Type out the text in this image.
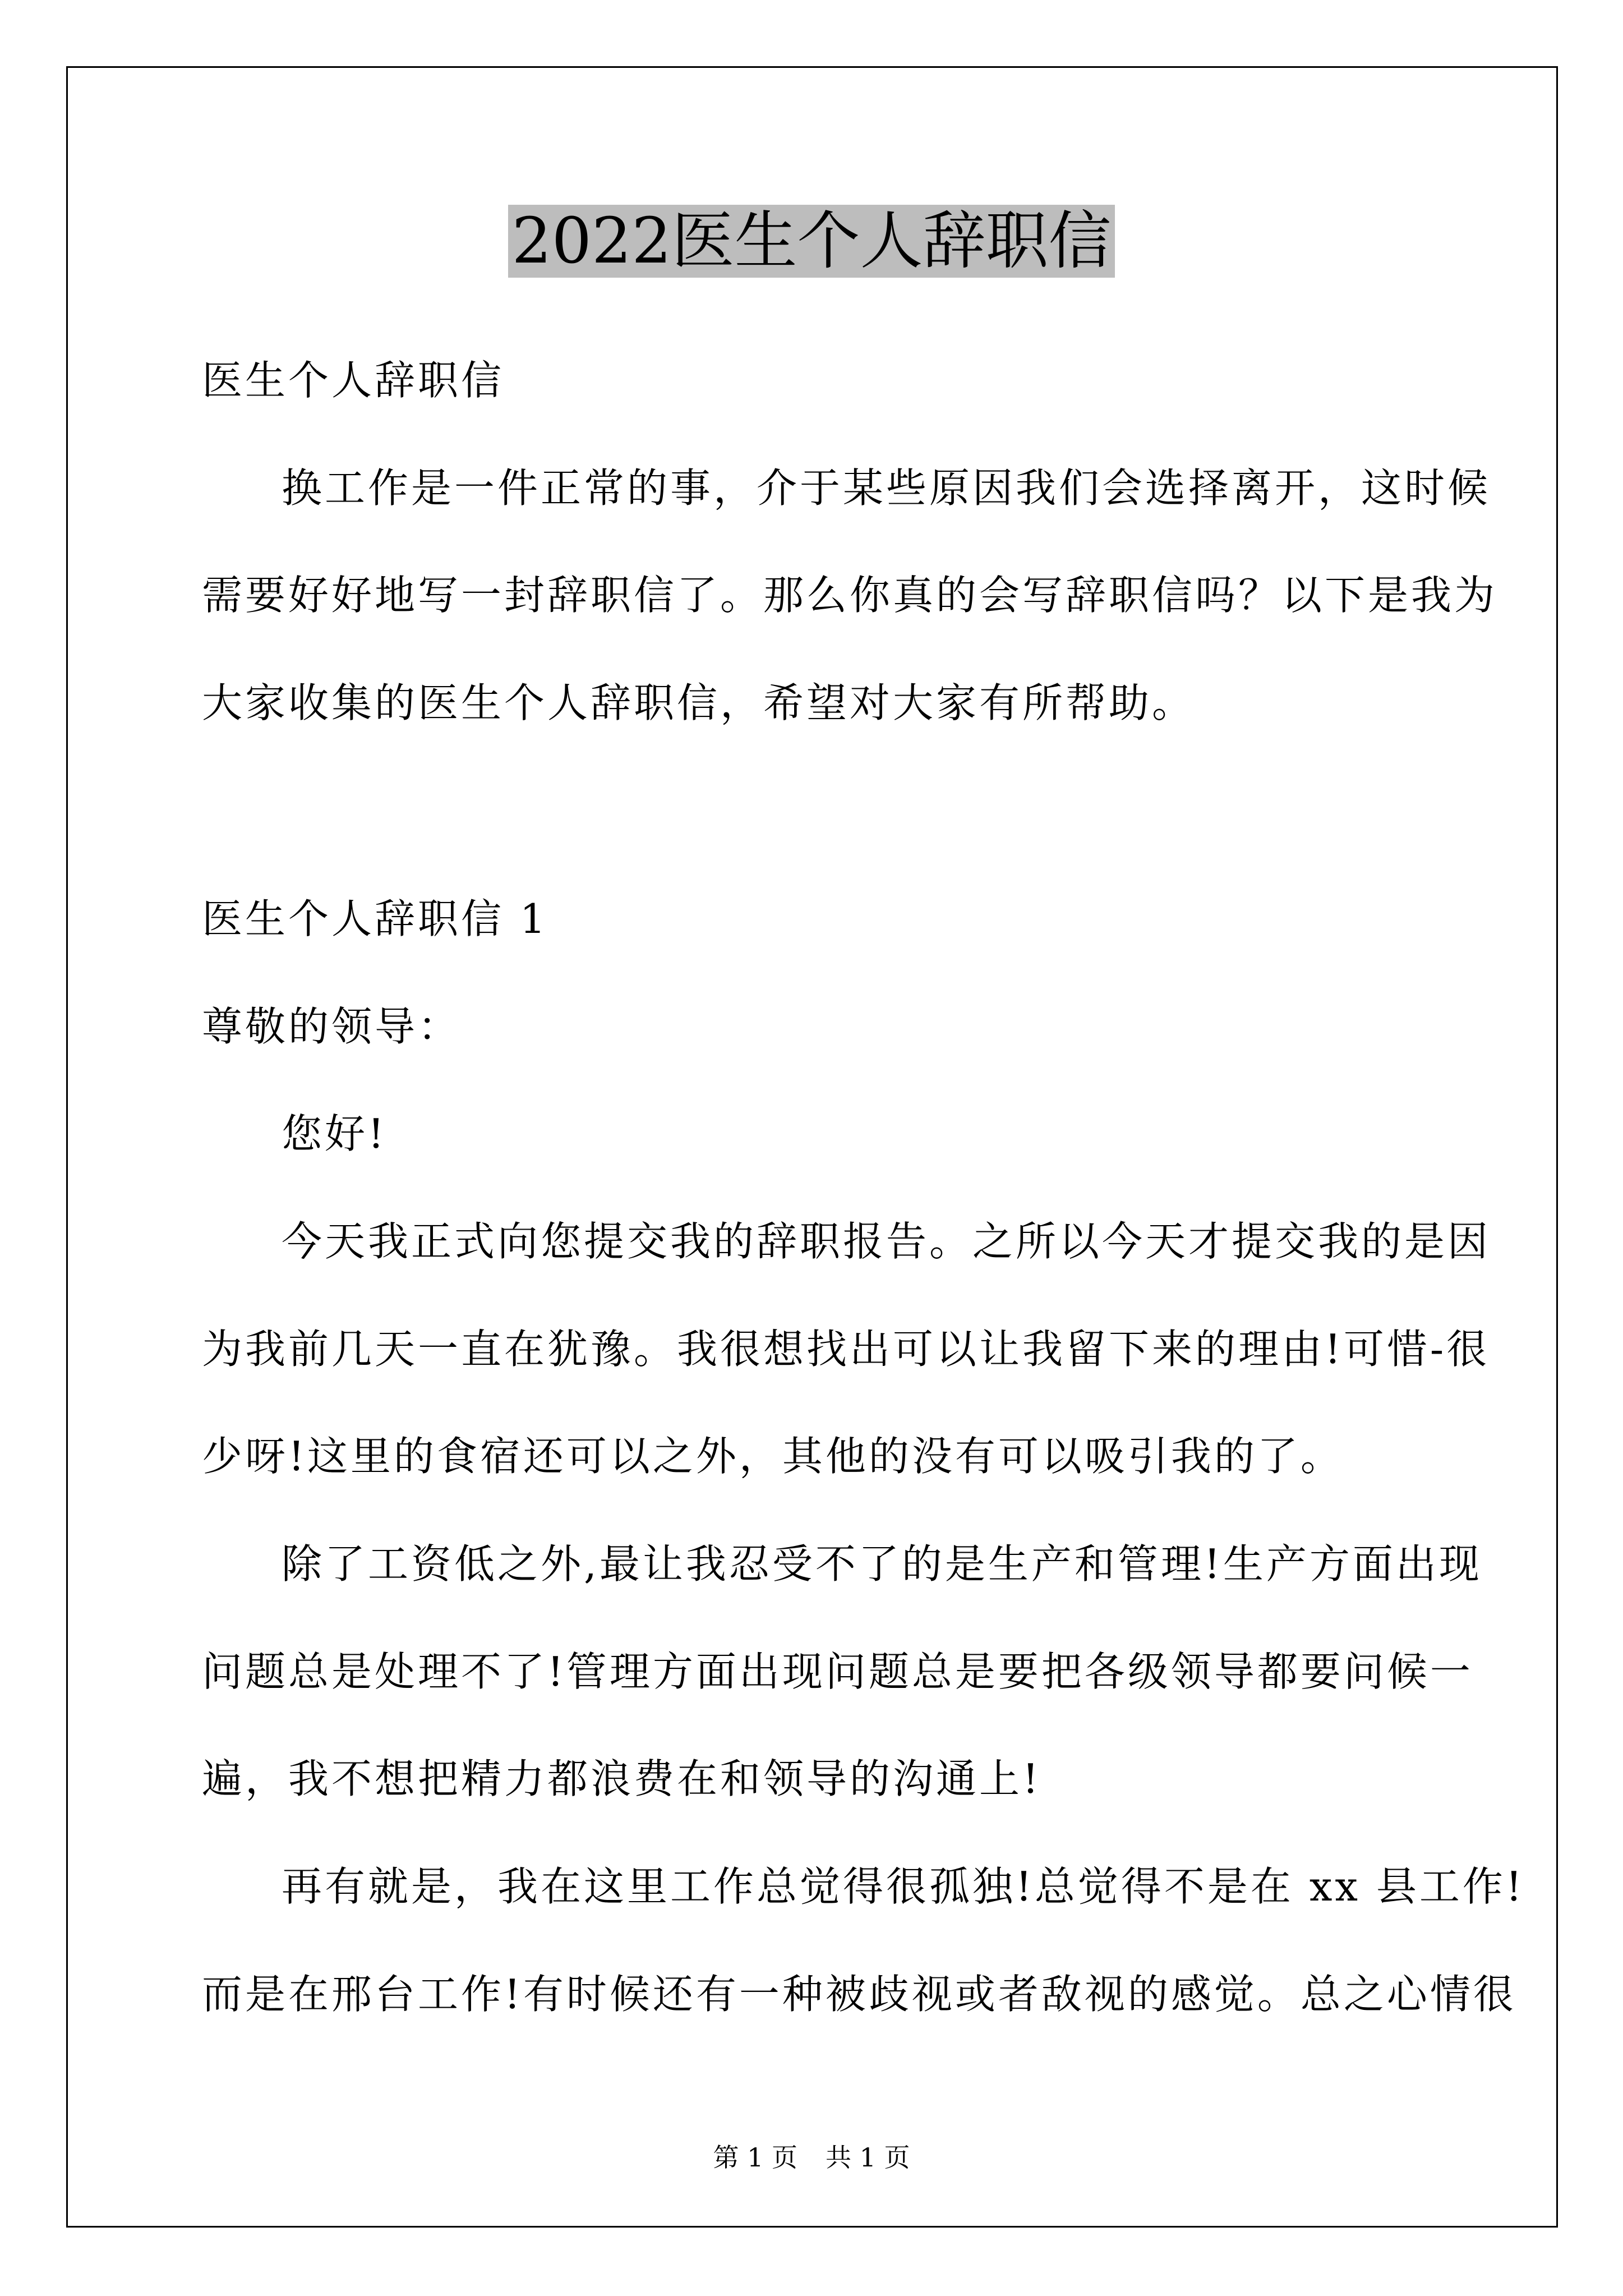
2022医生个人辞职信
医生个人辞职信
换工作是一件正常的事，介于某些原因我们会选择离开，这时候
需要好好地写一封辞职信了。那么你真的会写辞职信吗？以下是我为
大家收集的医生个人辞职信，希望对大家有所帮助。
医生个人辞职信 1
尊敬的领导：
您好!
今天我正式向您提交我的辞职报告。之所以今天才提交我的是因
为我前几天一直在犹豫。我很想找出可以让我留下来的理由!可惜-很
少呀!这里的食宿还可以之外，其他的没有可以吸引我的了。
除了工资低之外,最让我忍受不了的是生产和管理!生产方面出现
问题总是处理不了!管理方面出现问题总是要把各级领导都要问候一
遍，我不想把精力都浪费在和领导的沟通上!
再有就是，我在这里工作总觉得很孤独!总觉得不是在 xx 县工作!
而是在邢台工作!有时候还有一种被歧视或者敌视的感觉。总之心情很
第 1 页 共 1 页
